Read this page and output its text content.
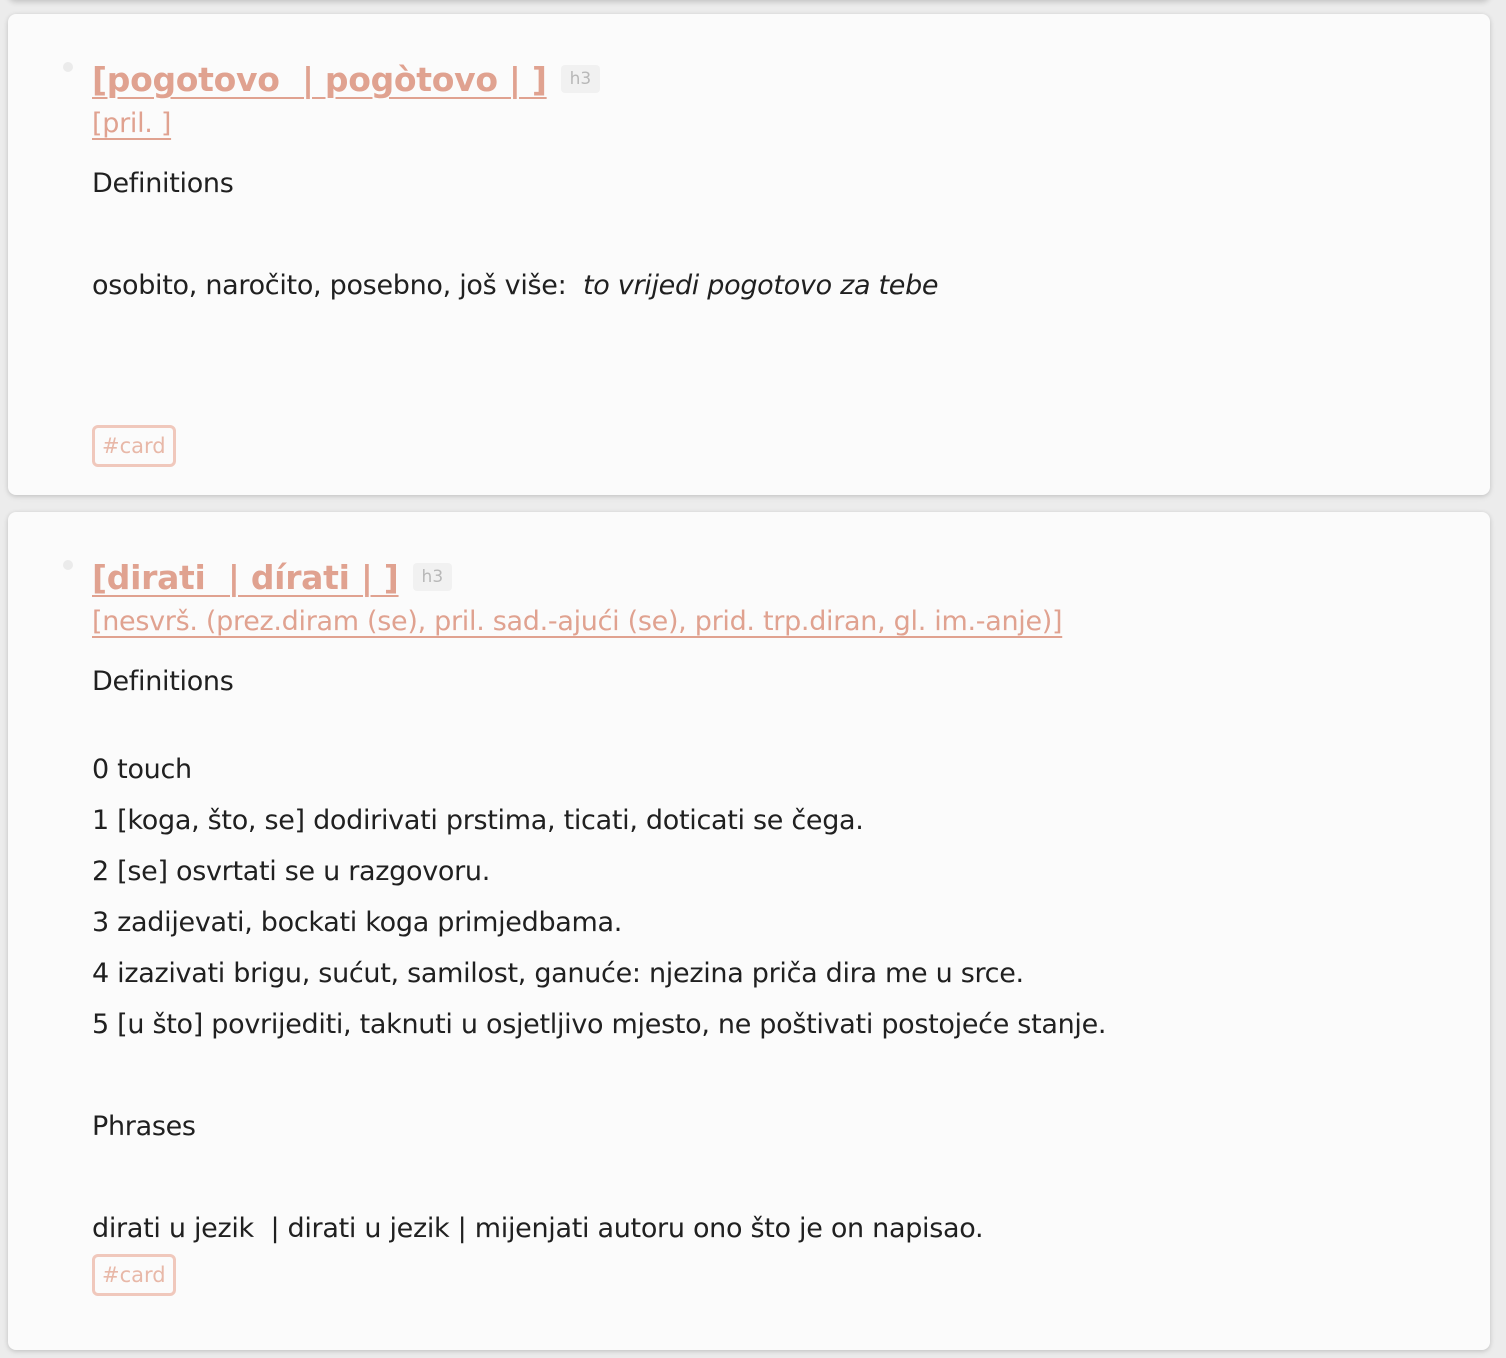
[pogotovo  | pogòtovo | ]	h3
[pril. ]
Definitions

osobito, naročito, posebno, još više:  to vrijedi pogotovo za tebe
#card
[dirati  | dírati | ]	h3
[nesvrš. (prez.diram (se), pril. sad.-ajući (se), prid. trp.diran, gl. im.-anje)]
Definitions

0 touch
1 [koga, što, se] dodirivati prstima, ticati, doticati se čega.
2 [se] osvrtati se u razgovoru.
3 zadijevati, bockati koga primjedbama.
4 izazivati brigu, sućut, samilost, ganuće: njezina priča dira me u srce.
5 [u što] povrijediti, taknuti u osjetljivo mjesto, ne poštivati postojeće stanje.

Phrases

dirati u jezik  | dirati u jezik | mijenjati autoru ono što je on napisao.
#card
